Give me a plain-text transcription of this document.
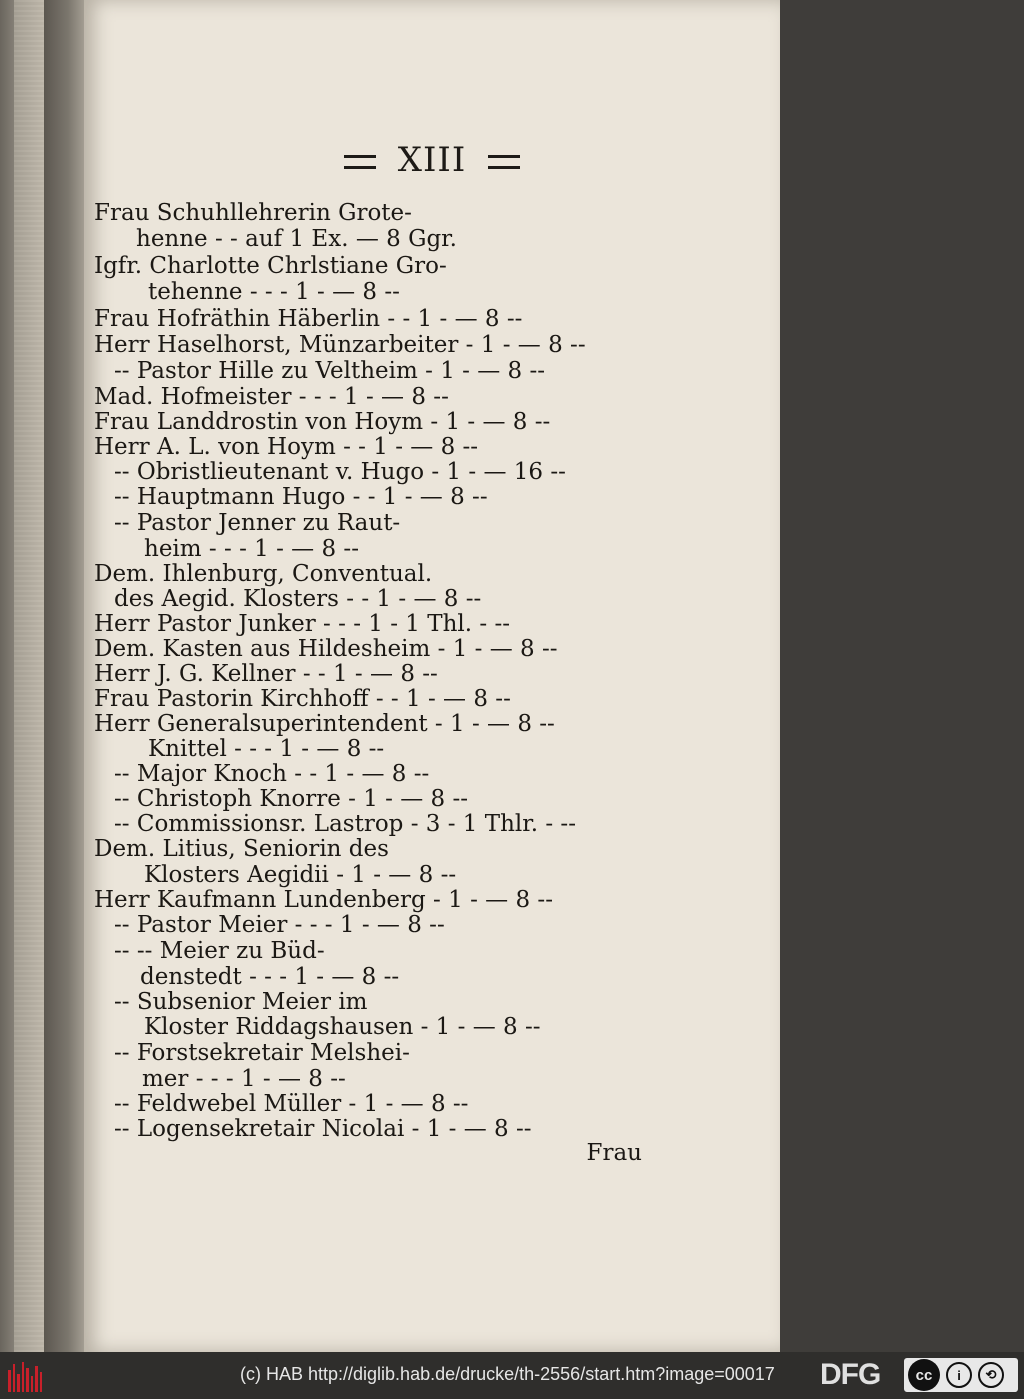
XIII
Frau Schuhllehrerin Grote-
henne - - auf 1 Ex. — 8 Ggr.
Igfr. Charlotte Chrlstiane Gro-
tehenne - - - 1 - — 8 --
Frau Hofräthin Häberlin - - 1 - — 8 --
Herr Haselhorst, Münzarbeiter - 1 - — 8 --
-- Pastor Hille zu Veltheim - 1 - — 8 --
Mad. Hofmeister - - - 1 - — 8 --
Frau Landdrostin von Hoym - 1 - — 8 --
Herr A. L. von Hoym - - 1 - — 8 --
-- Obristlieutenant v. Hugo - 1 - — 16 --
-- Hauptmann Hugo - - 1 - — 8 --
-- Pastor Jenner zu Raut-
heim - - - 1 - — 8 --
Dem. Ihlenburg, Conventual.
des Aegid. Klosters - - 1 - — 8 --
Herr Pastor Junker - - - 1 - 1 Thl. - --
Dem. Kasten aus Hildesheim - 1 - — 8 --
Herr J. G. Kellner - - 1 - — 8 --
Frau Pastorin Kirchhoff - - 1 - — 8 --
Herr Generalsuperintendent - 1 - — 8 --
Knittel - - - 1 - — 8 --
-- Major Knoch - - 1 - — 8 --
-- Christoph Knorre - 1 - — 8 --
-- Commissionsr. Lastrop - 3 - 1 Thlr. - --
Dem. Litius, Seniorin des
Klosters Aegidii - 1 - — 8 --
Herr Kaufmann Lundenberg - 1 - — 8 --
-- Pastor Meier - - - 1 - — 8 --
-- -- Meier zu Büd-
denstedt - - - 1 - — 8 --
-- Subsenior Meier im
Kloster Riddagshausen - 1 - — 8 --
-- Forstsekretair Melshei-
mer - - - 1 - — 8 --
-- Feldwebel Müller - 1 - — 8 --
-- Logensekretair Nicolai - 1 - — 8 --
Frau
(c) HAB http://diglib.hab.de/drucke/th-2556/start.htm?image=00017 DFG	cc	i	⟲
